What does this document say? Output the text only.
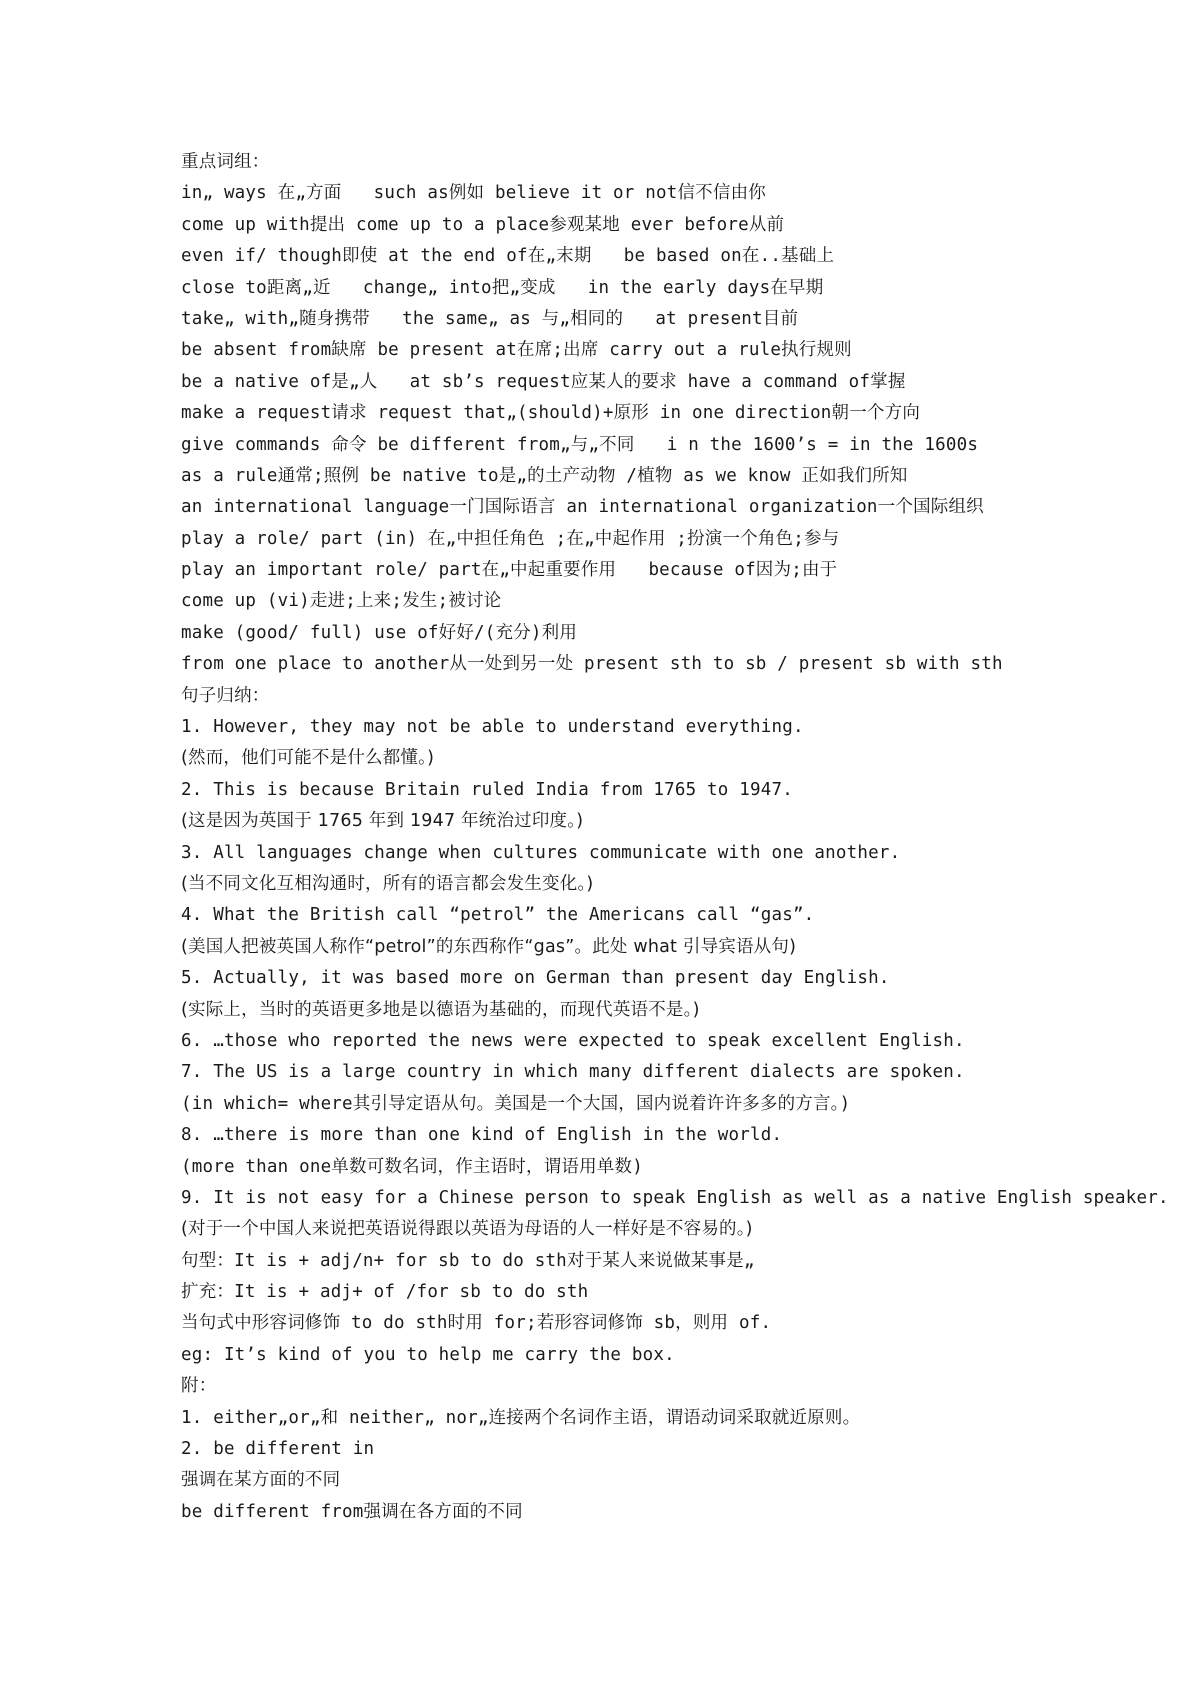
重点词组：
in„ ways 在„方面   such as例如 believe it or not信不信由你
come up with提出 come up to a place参观某地 ever before从前
even if/ though即使 at the end of在„末期   be based on在..基础上
close to距离„近   change„ into把„变成   in the early days在早期
take„ with„随身携带   the same„ as 与„相同的   at present目前
be absent from缺席 be present at在席;出席 carry out a rule执行规则
be a native of是„人   at sb’s request应某人的要求 have a command of掌握
make a request请求 request that„(should)+原形 in one direction朝一个方向
give commands 命令 be different from„与„不同   i n the 1600’s = in the 1600s
as a rule通常;照例 be native to是„的土产动物 /植物 as we know 正如我们所知
an international language一门国际语言 an international organization一个国际组织
play a role/ part (in) 在„中担任角色 ;在„中起作用 ;扮演一个角色;参与
play an important role/ part在„中起重要作用   because of因为;由于
come up (vi)走进;上来;发生;被讨论
make (good/ full) use of好好/(充分)利用
from one place to another从一处到另一处 present sth to sb / present sb with sth
句子归纳：
1. However, they may not be able to understand everything.
(然而，他们可能不是什么都懂。)
2. This is because Britain ruled India from 1765 to 1947.
(这是因为英国于 1765 年到 1947 年统治过印度。)
3. All languages change when cultures communicate with one another.
(当不同文化互相沟通时，所有的语言都会发生变化。)
4. What the British call “petrol” the Americans call “gas”.
(美国人把被英国人称作“petrol”的东西称作“gas”。此处 what 引导宾语从句)
5. Actually, it was based more on German than present day English.
(实际上，当时的英语更多地是以德语为基础的，而现代英语不是。)
6. …those who reported the news were expected to speak excellent English.
7. The US is a large country in which many different dialects are spoken.
(in which= where其引导定语从句。美国是一个大国，国内说着许许多多的方言。)
8. …there is more than one kind of English in the world.
(more than one单数可数名词，作主语时，谓语用单数)
9. It is not easy for a Chinese person to speak English as well as a native English speaker.
(对于一个中国人来说把英语说得跟以英语为母语的人一样好是不容易的。)
句型：It is + adj/n+ for sb to do sth对于某人来说做某事是„
扩充：It is + adj+ of /for sb to do sth
当句式中形容词修饰 to do sth时用 for;若形容词修饰 sb，则用 of.
eg: It’s kind of you to help me carry the box.
附：
1. either„or„和 neither„ nor„连接两个名词作主语，谓语动词采取就近原则。
2. be different in
强调在某方面的不同
be different from强调在各方面的不同
